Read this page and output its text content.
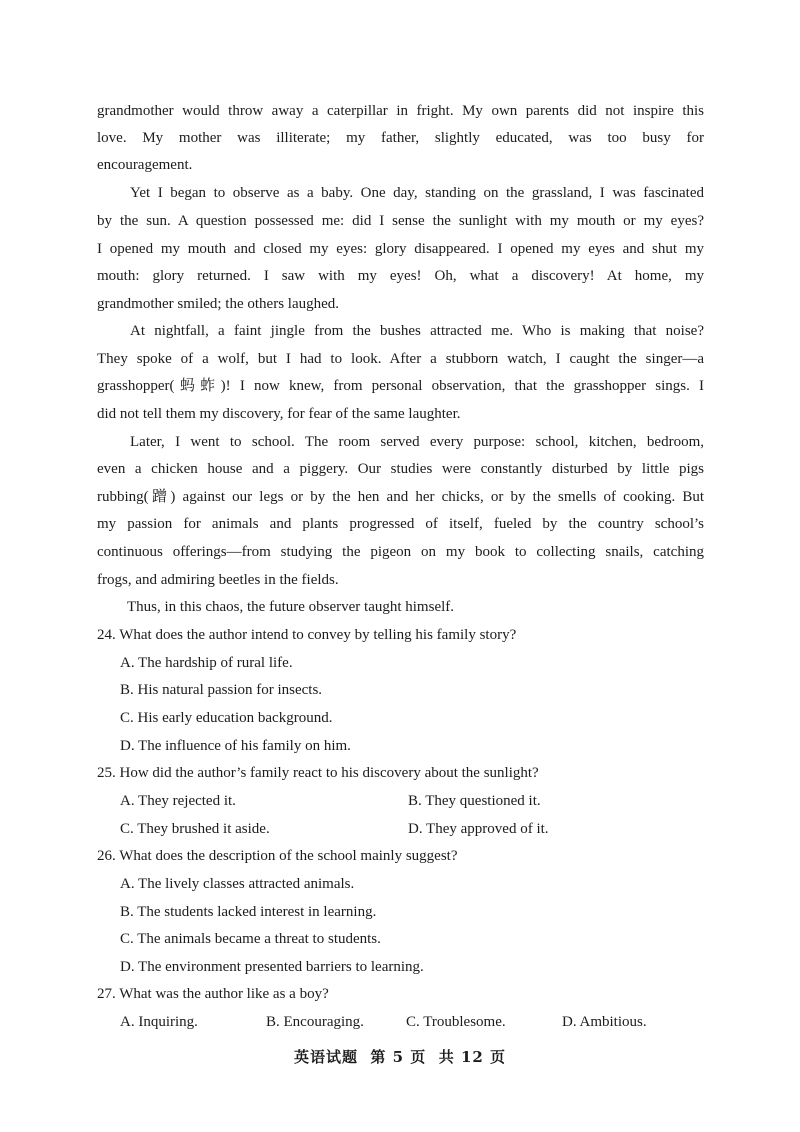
grandmother would throw away a caterpillar in fright. My own parents did not inspire this
love. My mother was illiterate; my father, slightly educated, was too busy for
encouragement.
Yet I began to observe as a baby. One day, standing on the grassland, I was fascinated
by the sun. A question possessed me: did I sense the sunlight with my mouth or my eyes?
I opened my mouth and closed my eyes: glory disappeared. I opened my eyes and shut my
mouth: glory returned. I saw with my eyes! Oh, what a discovery! At home, my
grandmother smiled; the others laughed.
At nightfall, a faint jingle from the bushes attracted me. Who is making that noise?
They spoke of a wolf, but I had to look. After a stubborn watch, I caught the singer—a
grasshopper(蚂蚱)! I now knew, from personal observation, that the grasshopper sings. I
did not tell them my discovery, for fear of the same laughter.
Later, I went to school. The room served every purpose: school, kitchen, bedroom,
even a chicken house and a piggery. Our studies were constantly disturbed by little pigs
rubbing(蹭) against our legs or by the hen and her chicks, or by the smells of cooking. But
my passion for animals and plants progressed of itself, fueled by the country school’s
continuous offerings—from studying the pigeon on my book to collecting snails, catching
frogs, and admiring beetles in the fields.
Thus, in this chaos, the future observer taught himself.
24. What does the author intend to convey by telling his family story?
A. The hardship of rural life.
B. His natural passion for insects.
C. His early education background.
D. The influence of his family on him.
25. How did the author’s family react to his discovery about the sunlight?
A. They rejected it.	B. They questioned it.
C. They brushed it aside.	D. They approved of it.
26. What does the description of the school mainly suggest?
A. The lively classes attracted animals.
B. The students lacked interest in learning.
C. The animals became a threat to students.
D. The environment presented barriers to learning.
27. What was the author like as a boy?
A. Inquiring.	B. Encouraging.	C. Troublesome.	D. Ambitious.
英语试题  第 5 页  共 12 页
